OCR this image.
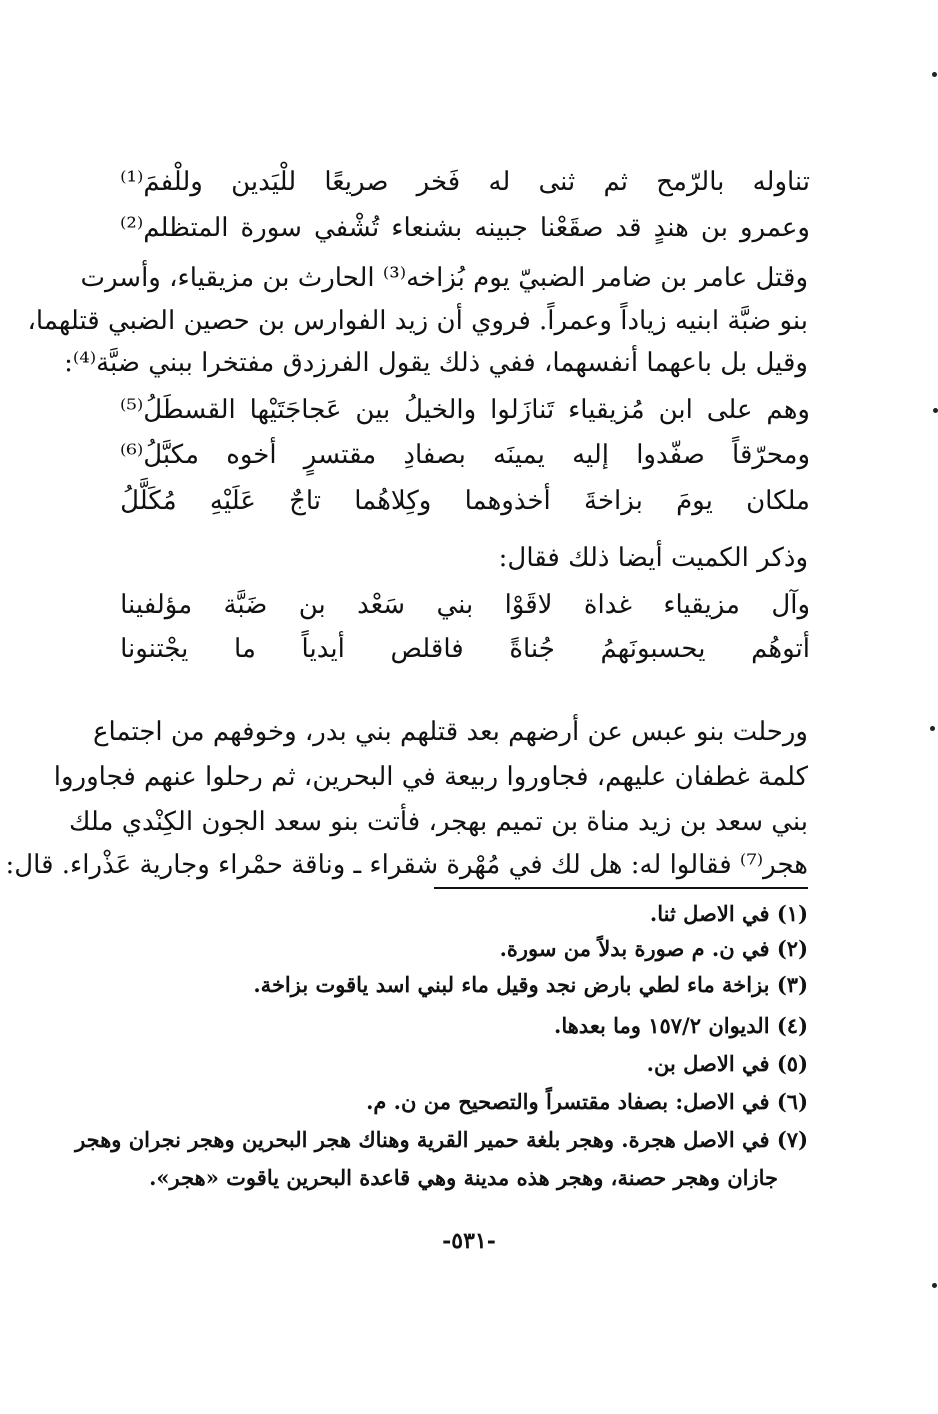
تناوله
بالرّمح
ثم
ثنى
له
فَخر
صريعًا
للْيَدين
وللْفمَ⁽¹⁾
وعمرو
بن
هندٍ
قد
صقَعْنا
جبينه
بشنعاء
تُشْفي
سورة
المتظلم⁽²⁾
وقتل عامر بن ضامر الضبيّ يوم بُزاخه⁽³⁾ الحارث بن مزيقياء، وأسرت
بنو ضبَّة ابنيه زياداً وعمراً. فروي أن زيد الفوارس بن حصين الضبي قتلهما،
وقيل بل باعهما أنفسهما، ففي ذلك يقول الفرزدق مفتخرا ببني ضبَّة⁽⁴⁾:
وهم
على
ابن
مُزيقياء
تَنازَلوا
والخيلُ
بين
عَجاجَتَيْها
القسطَلُ⁽⁵⁾
ومحرّقاً
صفّدوا
إليه
يمينَه
بصفادِ
مقتسرٍ
أخوه
مكبَّلُ⁽⁶⁾
ملكان
يومَ
بزاخةَ
أخذوهما
وكِلاهُما
تاجٌ
عَلَيْهِ
مُكَلَّلُ
وذكر الكميت أيضا ذلك فقال:
وآل
مزيقياء
غداة
لاقَوْا
بني
سَعْد
بن
ضَبَّة
مؤلفينا
أتوهُم
يحسبونَهمُ
جُناةً
فاقلص
أيدياً
ما
يجْتنونا
ورحلت بنو عبس عن أرضهم بعد قتلهم بني بدر، وخوفهم من اجتماع
كلمة غطفان عليهم، فجاوروا ربيعة في البحرين، ثم رحلوا عنهم فجاوروا
بني سعد بن زيد مناة بن تميم بهجر، فأتت بنو سعد الجون الكِنْدي ملك
هجر⁽⁷⁾ فقالوا له: هل لك في مُهْرة شقراء ـ وناقة حمْراء وجارية عَذْراء. قال:
(١) في الاصل ثنا.
(٢) في ن. م صورة بدلاً من سورة.
(٣) بزاخة ماء لطي بارض نجد وقيل ماء لبني اسد ياقوت بزاخة.
(٤) الديوان ١٥٧/٢ وما بعدها.
(٥) في الاصل بن.
(٦) في الاصل: بصفاد مقتسراً والتصحيح من ن. م.
(٧) في الاصل هجرة. وهجر بلغة حمير القرية وهناك هجر البحرين وهجر نجران وهجر
جازان وهجر حصنة، وهجر هذه مدينة وهي قاعدة البحرين ياقوت «هجر».
-٥٣١-
